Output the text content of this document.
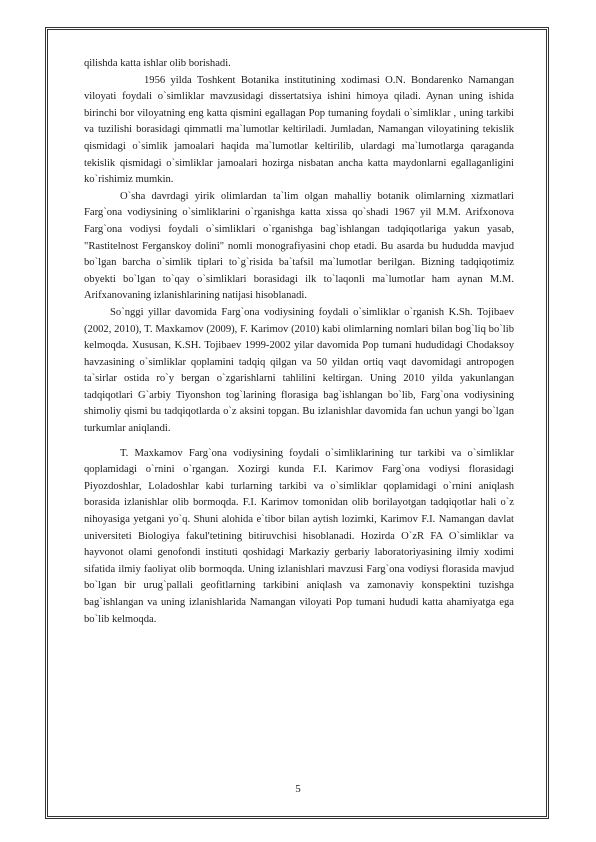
qilishda katta ishlar olib borishadi.

1956 yilda Toshkent Botanika institutining xodimasi O.N. Bondarenko Namangan viloyati foydali o`simliklar mavzusidagi dissertatsiya ishini himoya qiladi. Aynan uning ishida birinchi bor viloyatning eng katta qismini egallagan Pop tumaning foydali o`simliklar , uning tarkibi va tuzilishi borasidagi qimmatli ma`lumotlar keltiriladi. Jumladan, Namangan viloyatining tekislik qismidagi o`simlik jamoalari haqida ma`lumotlar keltirilib, ulardagi ma`lumotlarga qaraganda tekislik qismidagi o`simliklar jamoalari hozirga nisbatan ancha katta maydonlarni egallaganligini ko`rishimiz mumkin.

O`sha davrdagi yirik olimlardan ta`lim olgan mahalliy botanik olimlarning xizmatlari Farg`ona vodiysining o`simliklarini o`rganishga katta xissa qo`shadi 1967 yil M.M. Arifxonova Farg`ona vodiysi foydali o`simliklari o`rganishga bag`ishlangan tadqiqotlariga yakun yasab, "Rastitelnost Ferganskoy dolini" nomli monografiyasini chop etadi. Bu asarda bu hududda mavjud bo`lgan barcha o`simlik tiplari to`g`risida ba`tafsil ma`lumotlar berilgan. Bizning tadqiqotimiz obyekti bo`lgan to`qay o`simliklari borasidagi ilk to`laqonli ma`lumotlar ham aynan M.M. Arifxanovaning izlanishlarining natijasi hisoblanadi.

So`nggi yillar davomida Farg`ona vodiysining foydali o`simliklar o`rganish K.Sh. Tojibaev (2002, 2010), T. Maxkamov (2009), F. Karimov (2010) kabi olimlarning nomlari bilan bog`liq bo`lib kelmoqda. Xususan, K.SH. Tojibaev 1999-2002 yilar davomida Pop tumani hududidagi Chodaksoy havzasining o`simliklar qoplamini tadqiq qilgan va 50 yildan ortiq vaqt davomidagi antropogen ta`sirlar ostida ro`y bergan o`zgarishlarni tahlilini keltirgan. Uning 2010 yilda yakunlangan tadqiqotlari G`arbiy Tiyonshon tog`larining florasiga bag`ishlangan bo`lib, Farg`ona vodiysining shimoliy qismi bu tadqiqotlarda o`z aksini topgan. Bu izlanishlar davomida fan uchun yangi bo`lgan turkumlar aniqlandi.

T. Maxkamov Farg`ona vodiysining foydali o`simliklarining tur tarkibi va o`simliklar qoplamidagi o`rnini o`rgangan. Xozirgi kunda F.I. Karimov Farg`ona vodiysi florasidagi Piyozdoshlar, Loladoshlar kabi turlarning tarkibi va o`simliklar qoplamidagi o`rnini aniqlash borasida izlanishlar olib bormoqda. F.I. Karimov tomonidan olib borilayotgan tadqiqotlar hali o`z nihoyasiga yetgani yo`q. Shuni alohida e`tibor bilan aytish lozimki, Karimov F.I. Namangan davlat universiteti Biologiya fakul'tetining bitiruvchisi hisoblanadi. Hozirda O`zR FA O`simliklar va hayvonot olami genofondi instituti qoshidagi Markaziy gerbariy laboratoriyasining ilmiy xodimi sifatida ilmiy faoliyat olib bormoqda. Uning izlanishlari mavzusi Farg`ona vodiysi florasida mavjud bo`lgan bir urug`pallali geofitlarning tarkibini aniqlash va zamonaviy konspektini tuzishga bag`ishlangan va uning izlanishlarida Namangan viloyati Pop tumani hududi katta ahamiyatga ega bo`lib kelmoqda.

5
